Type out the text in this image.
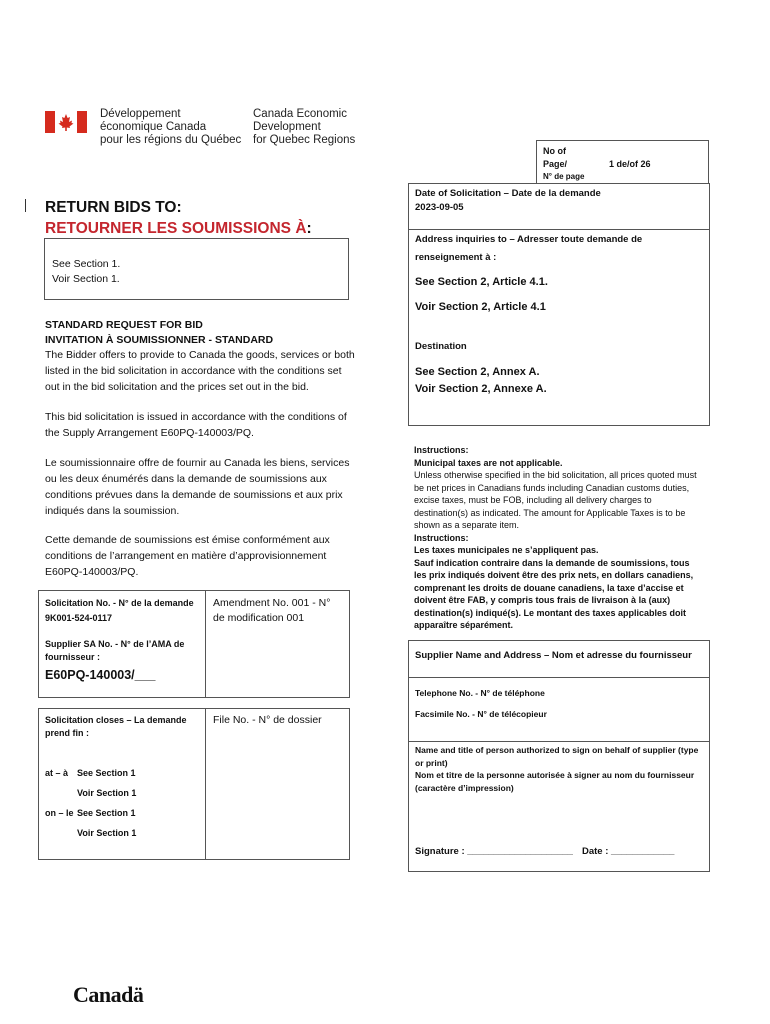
Développement
économique Canada
pour les régions du Québec
Canada Economic
Development
for Quebec Regions
No of
Page/	1 de/of 26
N° de page
RETURN BIDS TO:
RETOURNER LES SOUMISSIONS À:
See Section 1.
Voir Section 1.
STANDARD REQUEST FOR BID
INVITATION À SOUMISSIONNER - STANDARD
The Bidder offers to provide to Canada the goods, services or both listed in the bid solicitation in accordance with the conditions set out in the bid solicitation and the prices set out in the bid.
This bid solicitation is issued in accordance with the conditions of the Supply Arrangement E60PQ-140003/PQ.
Le soumissionnaire offre de fournir au Canada les biens, services ou les deux énumérés dans la demande de soumissions aux conditions prévues dans la demande de soumissions et aux prix indiqués dans la soumission.
Cette demande de soumissions est émise conformément aux conditions de l’arrangement en matière d’approvisionnement E60PQ-140003/PQ.
Solicitation No. - N° de la demande
9K001-524-0117
Amendment No. 001 - N° de modification 001
Supplier SA No. - N° de l’AMA de fournisseur :
E60PQ-140003/___
Solicitation closes – La demande prend fin :
File No. - N° de dossier
at – à See Section 1
Voir Section 1
on – le See Section 1
Voir Section 1
Date of Solicitation – Date de la demande
2023-09-05
Address inquiries to – Adresser toute demande de renseignement à :
See Section 2, Article 4.1.
Voir Section 2, Article 4.1
Destination
See Section 2, Annex A.
Voir Section 2, Annexe A.
Instructions:
Municipal taxes are not applicable.
Unless otherwise specified in the bid solicitation, all prices quoted must be net prices in Canadians funds including Canadian customs duties, excise taxes, must be FOB, including all delivery charges to destination(s) as indicated. The amount for Applicable Taxes is to be shown as a separate item.
Instructions:
Les taxes municipales ne s’appliquent pas.
Sauf indication contraire dans la demande de soumissions, tous les prix indiqués doivent être des prix nets, en dollars canadiens, comprenant les droits de douane canadiens, la taxe d’accise et doivent être FAB, y compris tous frais de livraison à la (aux) destination(s) indiqué(s). Le montant des taxes applicables doit apparaître séparément.
Supplier Name and Address – Nom et adresse du fournisseur
Telephone No. - N° de téléphone
Facsimile No. - N° de télécopieur
Name and title of person authorized to sign on behalf of supplier (type or print)
Nom et titre de la personne autorisée à signer au nom du fournisseur (caractère d’impression)
Signature : ____________________ Date : ____________
Canadä
